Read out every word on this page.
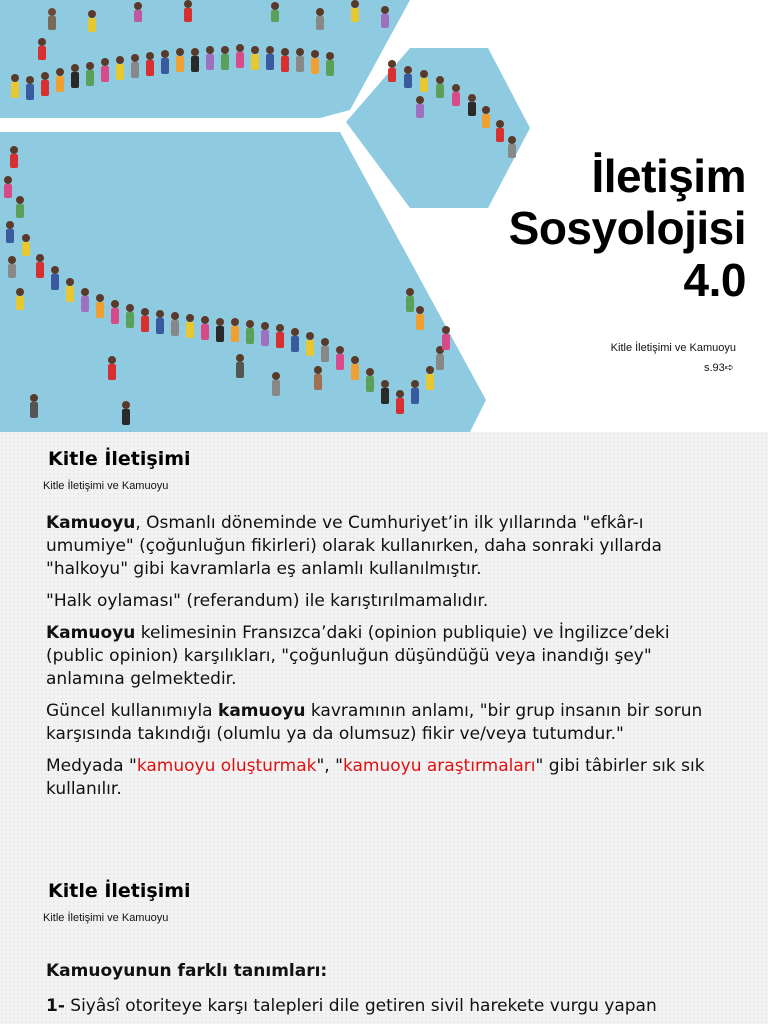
İletişim
Sosyolojisi
4.0
Kitle İletişimi ve Kamuoyu
s.93➪
Kitle İletişimi
Kitle İletişimi ve Kamuoyu

Kamuoyu, Osmanlı döneminde ve Cumhuriyet’in ilk yıllarında "efkâr-ı umumiye" (çoğunluğun fikirleri) olarak kullanırken, daha sonraki yıllarda "halkoyu" gibi kavramlarla eş anlamlı kullanılmıştır.

"Halk oylaması" (referandum) ile karıştırılmamalıdır.

Kamuoyu kelimesinin Fransızca’daki (opinion publiquie) ve İngilizce’deki (public opinion) karşılıkları, "çoğunluğun düşündüğü veya inandığı şey" anlamına gelmektedir.

Güncel kullanımıyla kamuoyu kavramının anlamı, "bir grup insanın bir sorun karşısında takındığı (olumlu ya da olumsuz) fikir ve/veya tutumdur."

Medyada "kamuoyu oluşturmak", "kamuoyu araştırmaları" gibi tâbirler sık sık kullanılır.

Kitle İletişimi
Kitle İletişimi ve Kamuoyu

Kamuoyunun farklı tanımları:

1- Siyâsî otoriteye karşı talepleri dile getiren sivil harekete vurgu yapan
